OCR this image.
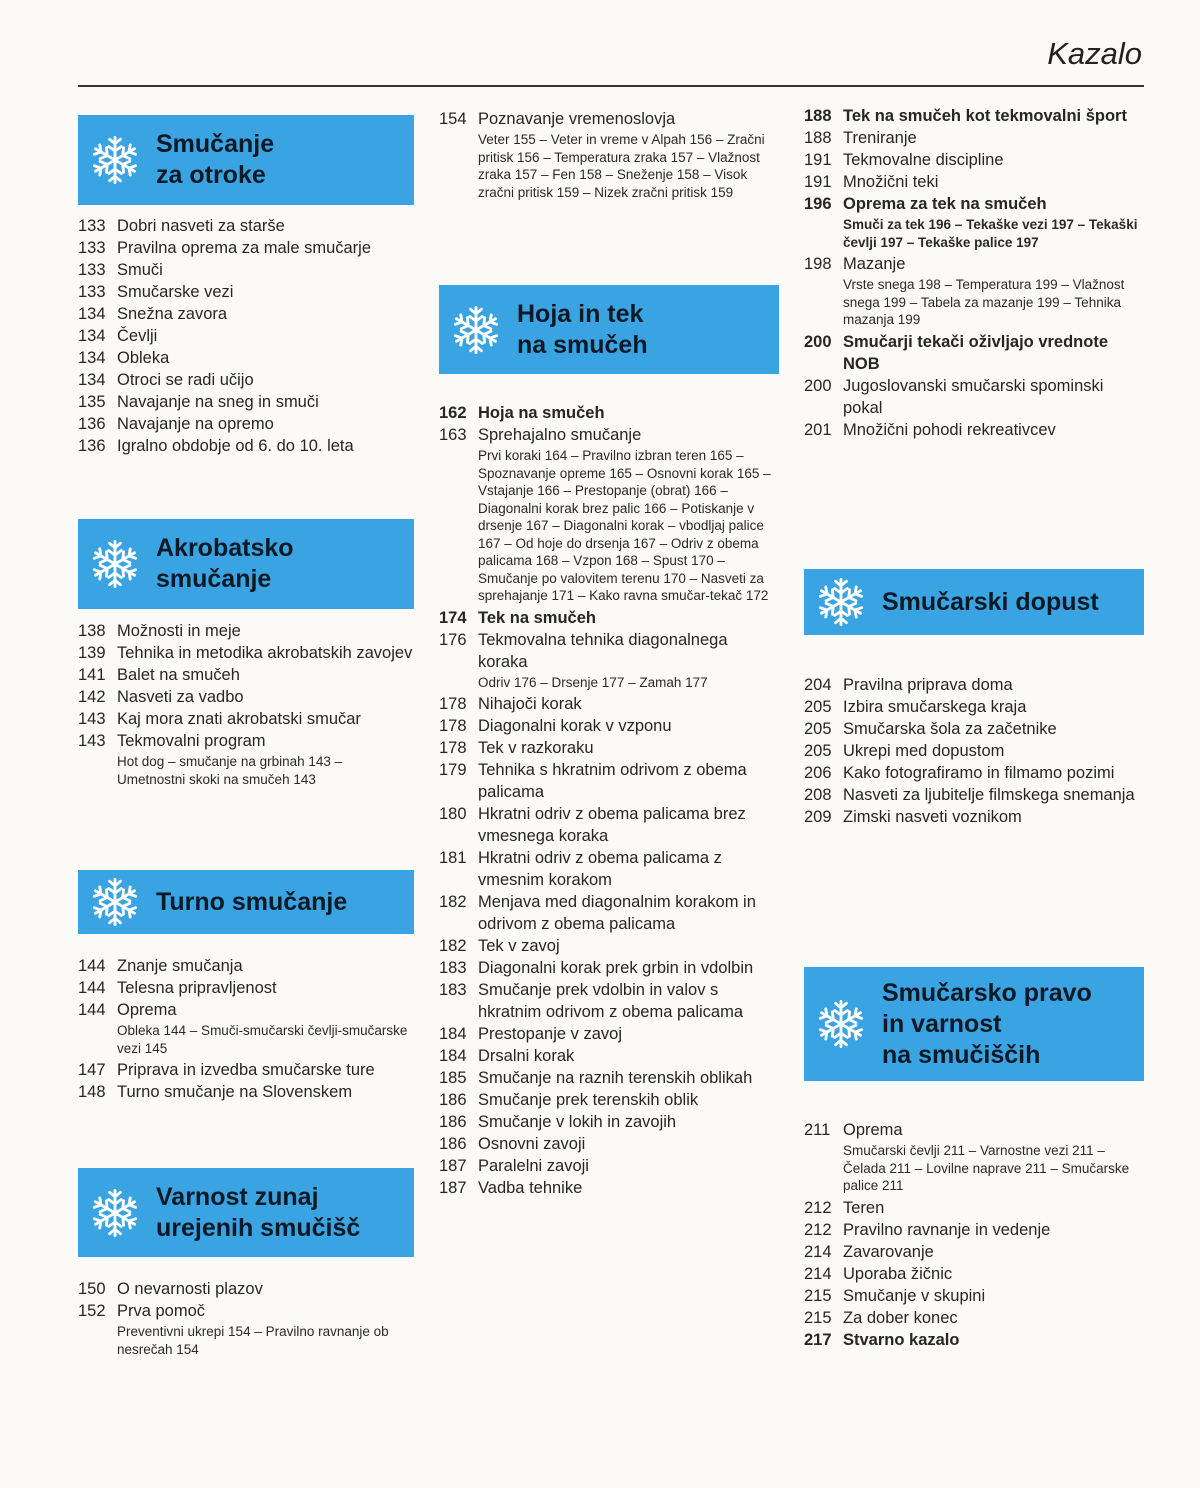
Kazalo
Smučanje
za otroke
133 Dobri nasveti za starše
133 Pravilna oprema za male smučarje
133 Smuči
133 Smučarske vezi
134 Snežna zavora
134 Čevlji
134 Obleka
134 Otroci se radi učijo
135 Navajanje na sneg in smuči
136 Navajanje na opremo
136 Igralno obdobje od 6. do 10. leta
Akrobatsko
smučanje
138 Možnosti in meje
139 Tehnika in metodika akrobatskih zavojev
141 Balet na smučeh
142 Nasveti za vadbo
143 Kaj mora znati akrobatski smučar
143 Tekmovalni program
Hot dog – smučanje na grbinah 143 – Umetnostni skoki na smučeh 143
Turno smučanje
144 Znanje smučanja
144 Telesna pripravljenost
144 Oprema
Obleka 144 – Smuči-smučarski čevlji-smučarske vezi 145
147 Priprava in izvedba smučarske ture
148 Turno smučanje na Slovenskem
Varnost zunaj
urejenih smučišč
150 O nevarnosti plazov
152 Prva pomoč
Preventivni ukrepi 154 – Pravilno ravnanje ob nesrečah 154
154 Poznavanje vremenoslovja
Veter 155 – Veter in vreme v Alpah 156 – Zračni pritisk 156 – Temperatura zraka 157 – Vlažnost zraka 157 – Fen 158 – Sneženje 158 – Visok zračni pritisk 159 – Nizek zračni pritisk 159
Hoja in tek
na smučeh
162 Hoja na smučeh
163 Sprehajalno smučanje
Prvi koraki 164 – Pravilno izbran teren 165 – Spoznavanje opreme 165 – Osnovni korak 165 – Vstajanje 166 – Prestopanje (obrat) 166 – Diagonalni korak brez palic 166 – Potiskanje v drsenje 167 – Diagonalni korak – vbodljaj palice 167 – Od hoje do drsenja 167 – Odriv z obema palicama 168 – Vzpon 168 – Spust 170 – Smučanje po valovitem terenu 170 – Nasveti za sprehajanje 171 – Kako ravna smučar-tekač 172
174 Tek na smučeh
176 Tekmovalna tehnika diagonalnega koraka
Odriv 176 – Drsenje 177 – Zamah 177
178 Nihajoči korak
178 Diagonalni korak v vzponu
178 Tek v razkoraku
179 Tehnika s hkratnim odrivom z obema palicama
180 Hkratni odriv z obema palicama brez vmesnega koraka
181 Hkratni odriv z obema palicama z vmesnim korakom
182 Menjava med diagonalnim korakom in odrivom z obema palicama
182 Tek v zavoj
183 Diagonalni korak prek grbin in vdolbin
183 Smučanje prek vdolbin in valov s hkratnim odrivom z obema palicama
184 Prestopanje v zavoj
184 Drsalni korak
185 Smučanje na raznih terenskih oblikah
186 Smučanje prek terenskih oblik
186 Smučanje v lokih in zavojih
186 Osnovni zavoji
187 Paralelni zavoji
187 Vadba tehnike
188 Tek na smučeh kot tekmovalni šport
188 Treniranje
191 Tekmovalne discipline
191 Množični teki
196 Oprema za tek na smučeh
Smuči za tek 196 – Tekaške vezi 197 – Tekaški čevlji 197 – Tekaške palice 197
198 Mazanje
Vrste snega 198 – Temperatura 199 – Vlažnost snega 199 – Tabela za mazanje 199 – Tehnika mazanja 199
200 Smučarji tekači oživljajo vrednote NOB
200 Jugoslovanski smučarski spominski pokal
201 Množični pohodi rekreativcev
Smučarski dopust
204 Pravilna priprava doma
205 Izbira smučarskega kraja
205 Smučarska šola za začetnike
205 Ukrepi med dopustom
206 Kako fotografiramo in filmamo pozimi
208 Nasveti za ljubitelje filmskega snemanja
209 Zimski nasveti voznikom
Smučarsko pravo
in varnost
na smučiščih
211 Oprema
Smučarski čevlji 211 – Varnostne vezi 211 – Čelada 211 – Lovilne naprave 211 – Smučarske palice 211
212 Teren
212 Pravilno ravnanje in vedenje
214 Zavarovanje
214 Uporaba žičnic
215 Smučanje v skupini
215 Za dober konec
217 Stvarno kazalo
